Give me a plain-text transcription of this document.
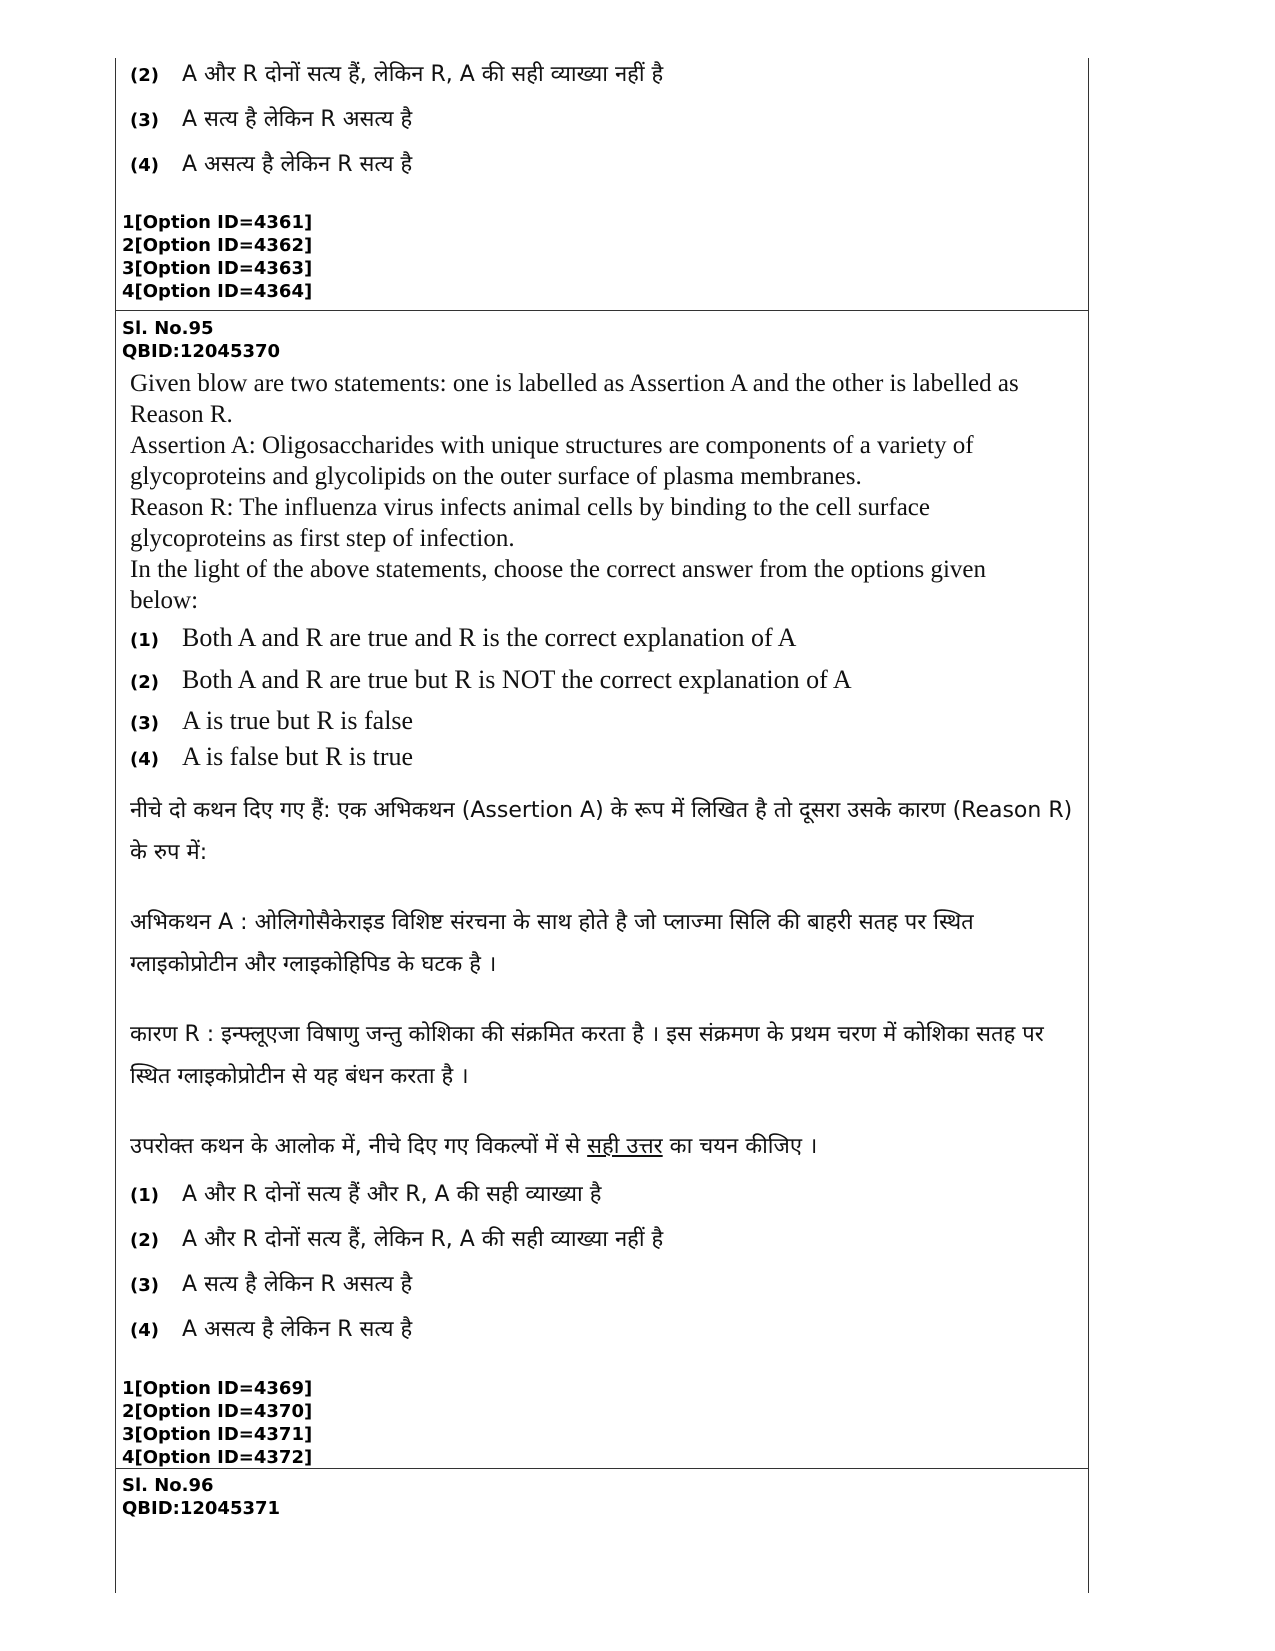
(2)	A और R दोनों सत्य हैं, लेकिन R, A की सही व्याख्या नहीं है
(3)	A सत्य है लेकिन R असत्य है
(4)	A असत्य है लेकिन R सत्य है
1[Option ID=4361]
2[Option ID=4362]
3[Option ID=4363]
4[Option ID=4364]
Sl. No.95
QBID:12045370

Given blow are two statements: one is labelled as Assertion A and the other is labelled as Reason R.

Assertion A: Oligosaccharides with unique structures are components of a variety of glycoproteins and glycolipids on the outer surface of plasma membranes.

Reason R: The influenza virus infects animal cells by binding to the cell surface glycoproteins as first step of infection.

In the light of the above statements, choose the correct answer from the options given below:

(1) Both A and R are true and R is the correct explanation of A
(2) Both A and R are true but R is NOT the correct explanation of A
(3) A is true but R is false
(4) A is false but R is true
नीचे दो कथन दिए गए हैं: एक अभिकथन (Assertion A) के रूप में लिखित है तो दूसरा उसके कारण (Reason R) के रुप में:
अभिकथन A : ओलिगोसैकेराइड विशिष्ट संरचना के साथ होते है जो प्लाज्मा सिलि की बाहरी सतह पर स्थित ग्लाइकोप्रोटीन और ग्लाइकोहिपिड के घटक है ।
कारण R : इन्फ्लूएजा विषाणु जन्तु कोशिका की संक्रमित करता है । इस संक्रमण के प्रथम चरण में कोशिका सतह पर स्थित ग्लाइकोप्रोटीन से यह बंधन करता है ।
उपरोक्त कथन के आलोक में, नीचे दिए गए विकल्पों में से सही उत्तर का चयन कीजिए ।
(1)	A और R दोनों सत्य हैं और R, A की सही व्याख्या है
(2)	A और R दोनों सत्य हैं, लेकिन R, A की सही व्याख्या नहीं है
(3)	A सत्य है लेकिन R असत्य है
(4)	A असत्य है लेकिन R सत्य है
1[Option ID=4369]
2[Option ID=4370]
3[Option ID=4371]
4[Option ID=4372]
Sl. No.96
QBID:12045371
